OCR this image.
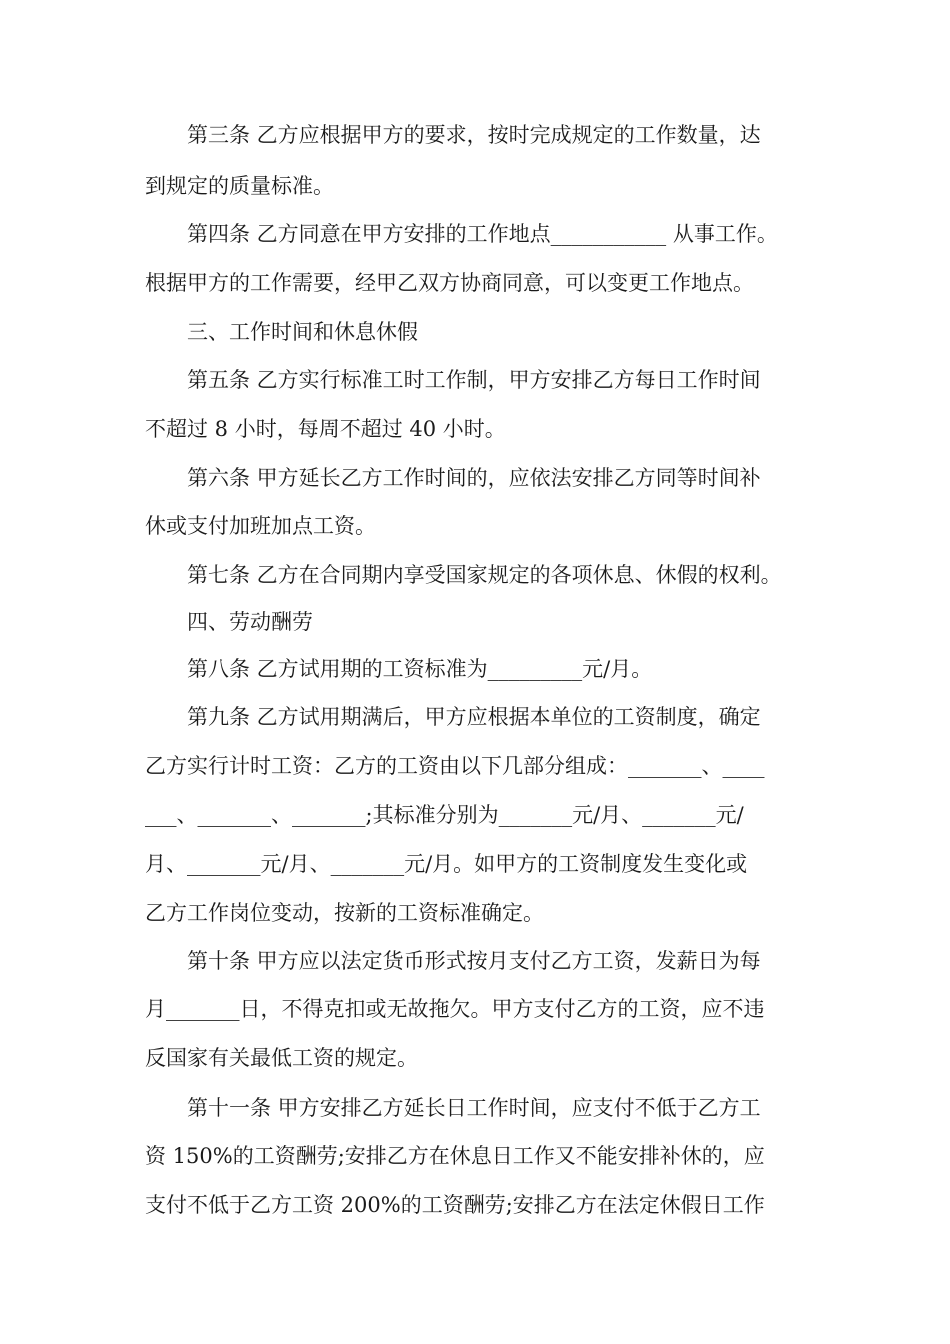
　　第三条 乙方应根据甲方的要求，按时完成规定的工作数量，达

到规定的质量标准。

　　第四条 乙方同意在甲方安排的工作地点___________ 从事工作。

根据甲方的工作需要，经甲乙双方协商同意，可以变更工作地点。

　　三、工作时间和休息休假

　　第五条 乙方实行标准工时工作制，甲方安排乙方每日工作时间

不超过 8 小时，每周不超过 40 小时。

　　第六条 甲方延长乙方工作时间的，应依法安排乙方同等时间补

休或支付加班加点工资。

　　第七条 乙方在合同期内享受国家规定的各项休息、休假的权利。

　　四、劳动酬劳

　　第八条 乙方试用期的工资标准为_________元/月。

　　第九条 乙方试用期满后，甲方应根据本单位的工资制度，确定

乙方实行计时工资：乙方的工资由以下几部分组成：_______、____

___、_______、_______;其标准分别为_______元/月、_______元/

月、_______元/月、_______元/月。如甲方的工资制度发生变化或

乙方工作岗位变动，按新的工资标准确定。

　　第十条 甲方应以法定货币形式按月支付乙方工资，发薪日为每

月_______日，不得克扣或无故拖欠。甲方支付乙方的工资，应不违

反国家有关最低工资的规定。

　　第十一条 甲方安排乙方延长日工作时间，应支付不低于乙方工

资 150%的工资酬劳;安排乙方在休息日工作又不能安排补休的，应

支付不低于乙方工资 200%的工资酬劳;安排乙方在法定休假日工作
